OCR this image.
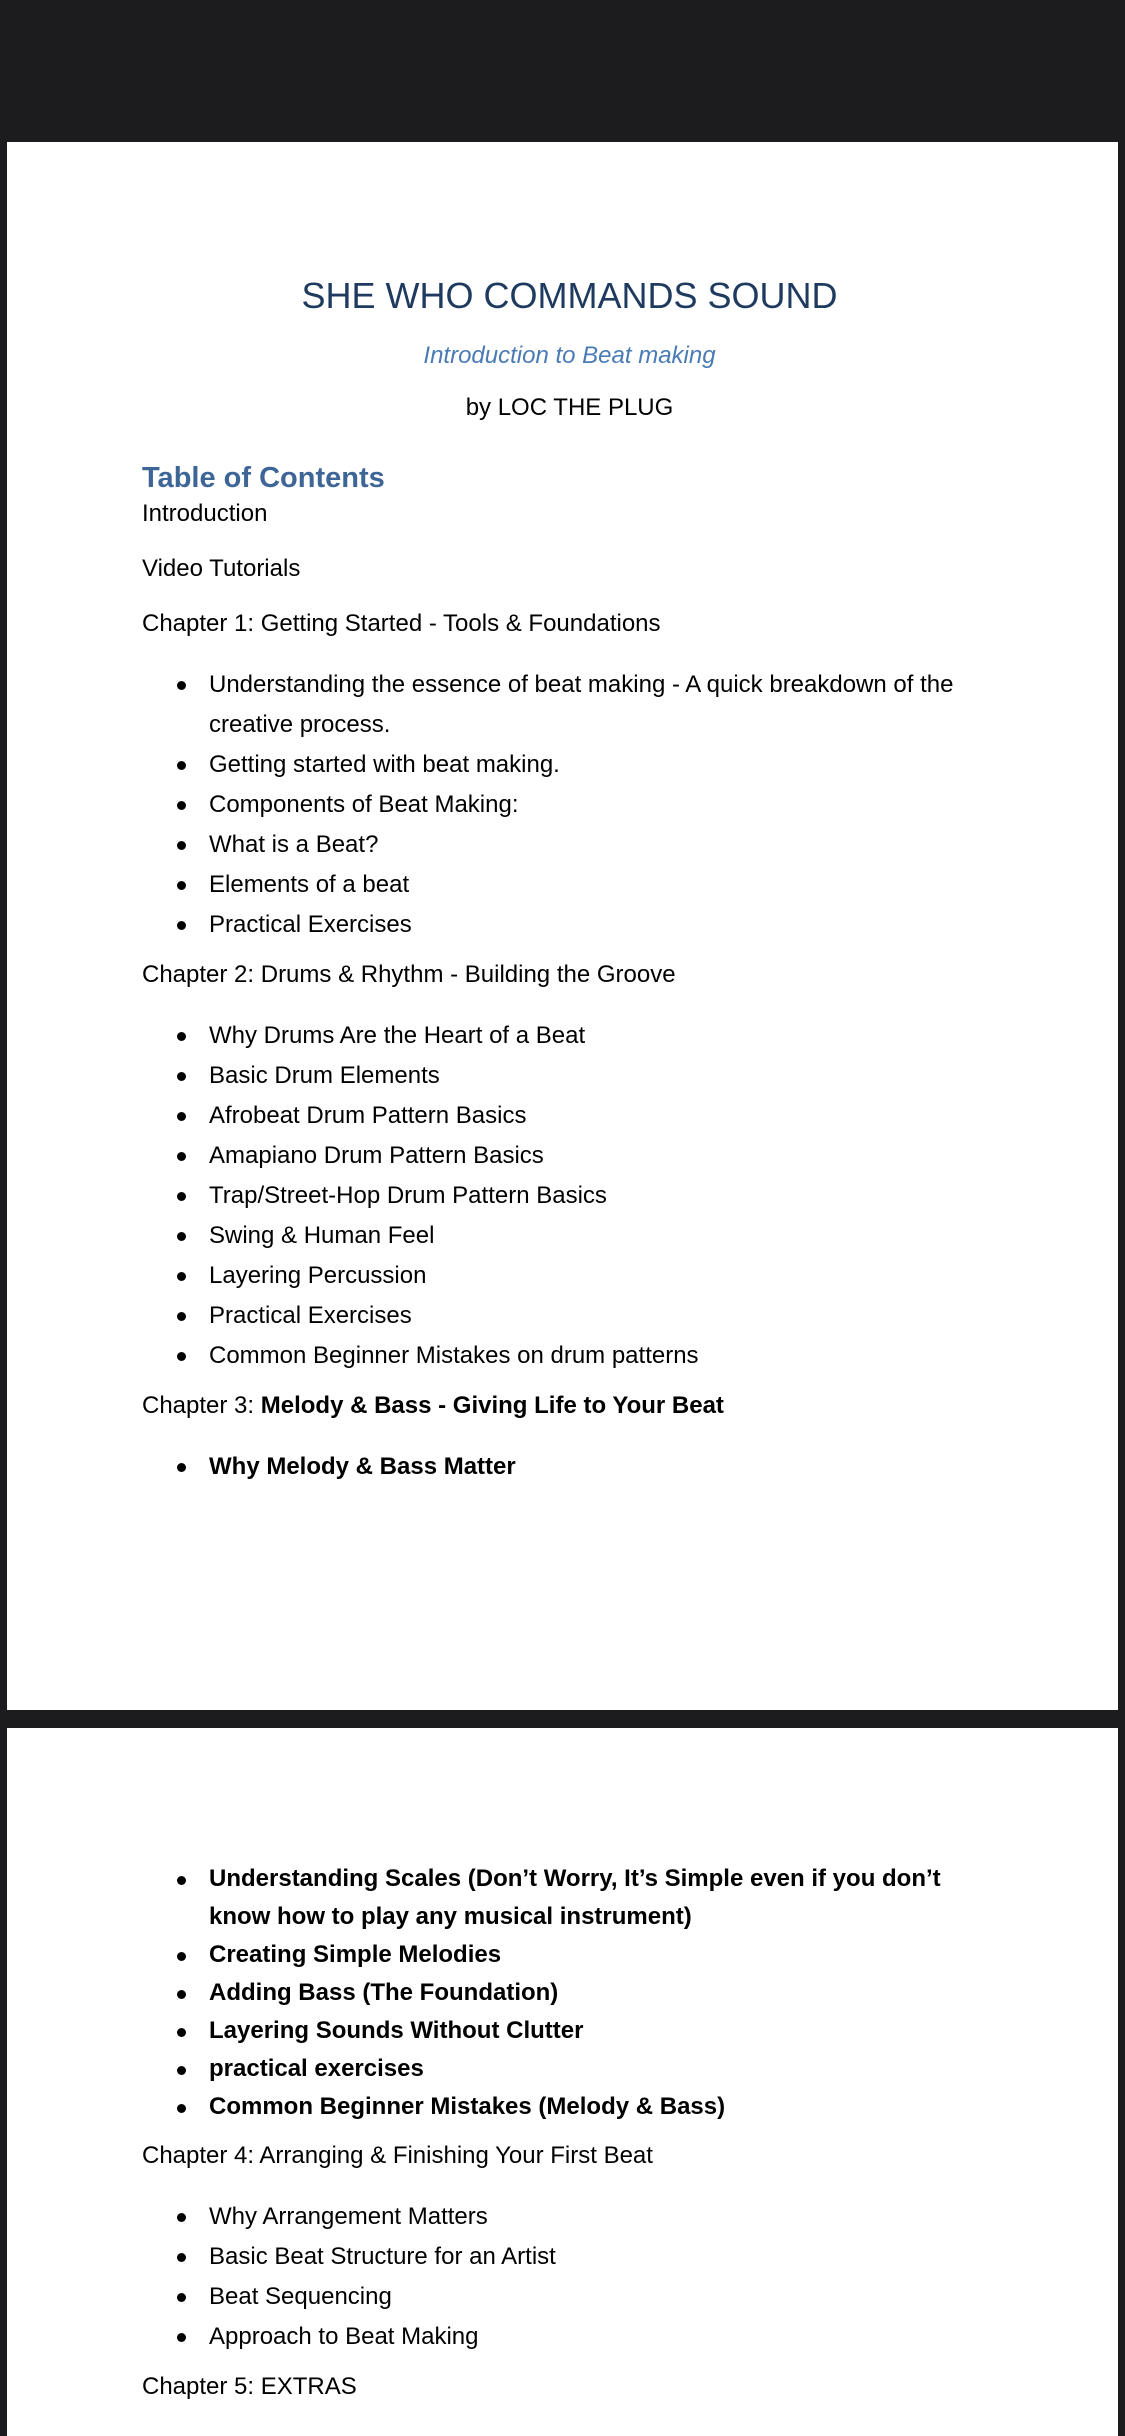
SHE WHO COMMANDS SOUND

Introduction to Beat making

by LOC THE PLUG

Table of Contents

Introduction

Video Tutorials

Chapter 1: Getting Started - Tools & Foundations

Understanding the essence of beat making - A quick breakdown of the creative process.
Getting started with beat making.
Components of Beat Making:
What is a Beat?
Elements of a beat
Practical Exercises

Chapter 2: Drums & Rhythm - Building the Groove

Why Drums Are the Heart of a Beat
Basic Drum Elements
Afrobeat Drum Pattern Basics
Amapiano Drum Pattern Basics
Trap/Street-Hop Drum Pattern Basics
Swing & Human Feel
Layering Percussion
Practical Exercises
Common Beginner Mistakes on drum patterns

Chapter 3: Melody & Bass - Giving Life to Your Beat

Why Melody & Bass Matter
Understanding Scales (Don’t Worry, It’s Simple even if you don’t know how to play any musical instrument)
Creating Simple Melodies
Adding Bass (The Foundation)
Layering Sounds Without Clutter
practical exercises
Common Beginner Mistakes (Melody & Bass)

Chapter 4: Arranging & Finishing Your First Beat

Why Arrangement Matters
Basic Beat Structure for an Artist
Beat Sequencing
Approach to Beat Making

Chapter 5: EXTRAS
